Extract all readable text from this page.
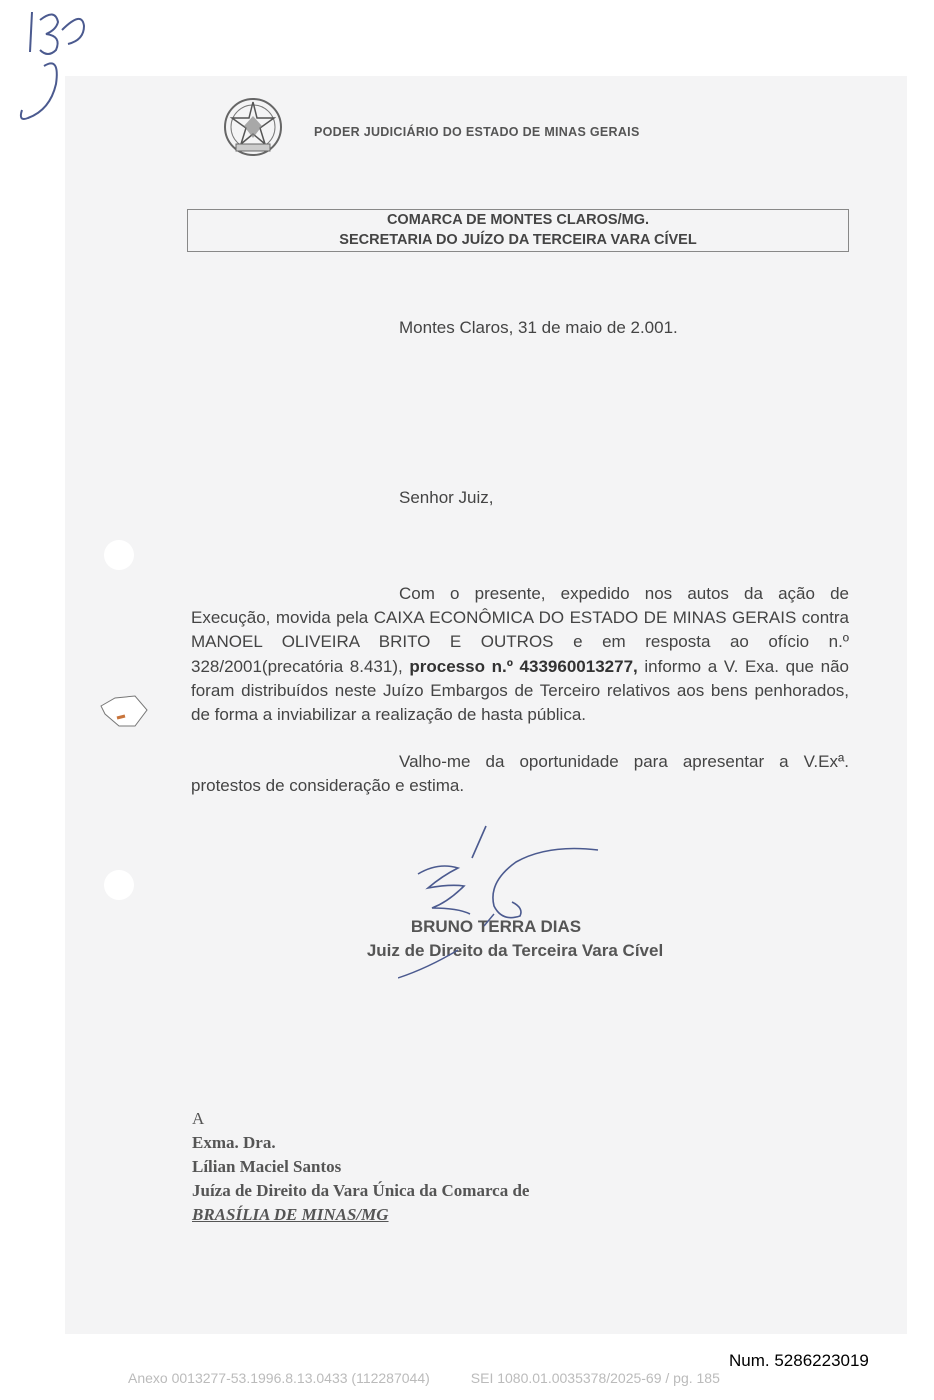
PODER JUDICIÁRIO DO ESTADO DE MINAS GERAIS
COMARCA DE MONTES CLAROS/MG.
SECRETARIA DO JUÍZO DA TERCEIRA VARA CÍVEL
Montes Claros, 31 de maio de 2.001.
Senhor Juiz,
Com o presente, expedido nos autos da ação de Execução, movida pela CAIXA ECONÔMICA DO ESTADO DE MINAS GERAIS contra MANOEL OLIVEIRA BRITO E OUTROS e em resposta ao ofício n.º 328/2001(precatória 8.431), processo n.º 433960013277, informo a V. Exa. que não foram distribuídos neste Juízo Embargos de Terceiro relativos aos bens penhorados, de forma a inviabilizar a realização de hasta pública.
Valho-me da oportunidade para apresentar a V.Exª. protestos de consideração e estima.
BRUNO TERRA DIAS
Juiz de Direito da Terceira Vara Cível
A
Exma. Dra.
Lílian Maciel Santos
Juíza de Direito da Vara Única da Comarca de
BRASÍLIA DE MINAS/MG
Num. 5286223019
Anexo 0013277-53.1996.8.13.0433 (112287044)	SEI 1080.01.0035378/2025-69 / pg. 185
